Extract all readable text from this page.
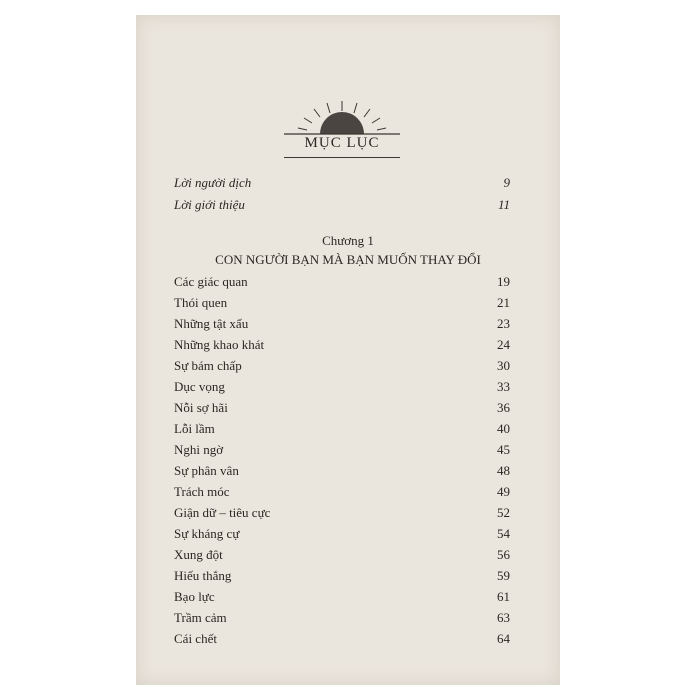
MỤC LỤC
Lời người dịch	9
Lời giới thiệu	11
Chương 1
CON NGƯỜI BẠN MÀ BẠN MUỐN THAY ĐỔI
Các giác quan	19
Thói quen	21
Những tật xấu	23
Những khao khát	24
Sự bám chấp	30
Dục vọng	33
Nỗi sợ hãi	36
Lỗi lầm	40
Nghi ngờ	45
Sự phân vân	48
Trách móc	49
Giận dữ – tiêu cực	52
Sự kháng cự	54
Xung đột	56
Hiếu thắng	59
Bạo lực	61
Trầm cảm	63
Cái chết	64
